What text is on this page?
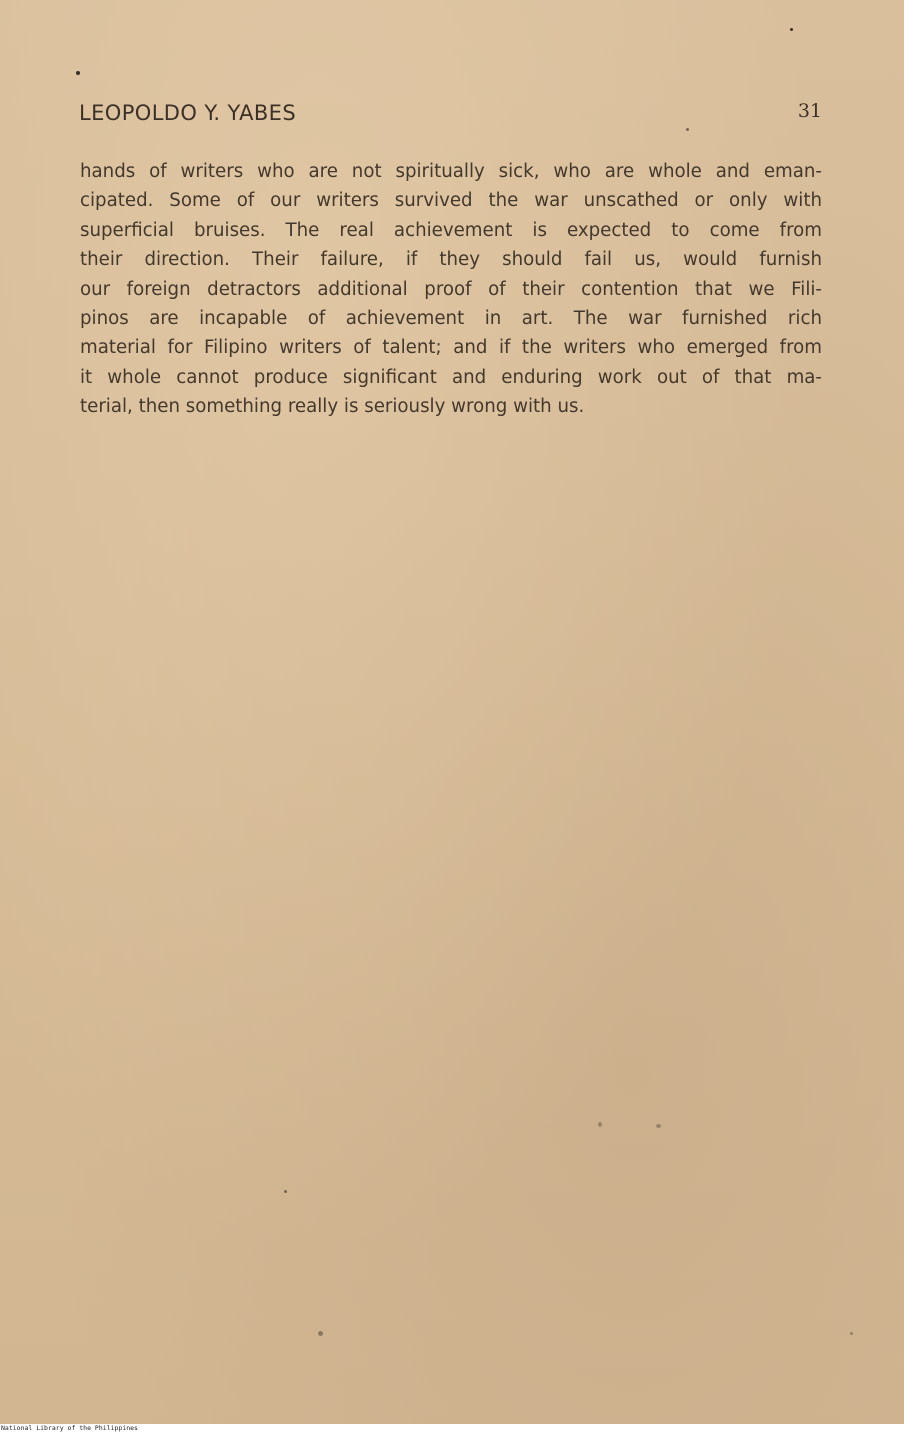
LEOPOLDO Y. YABES	31
hands of writers who are not spiritually sick, who are whole and eman-
cipated. Some of our writers survived the war unscathed or only with
superficial bruises. The real achievement is expected to come from
their direction. Their failure, if they should fail us, would furnish
our foreign detractors additional proof of their contention that we Fili-
pinos are incapable of achievement in art. The war furnished rich
material for Filipino writers of talent; and if the writers who emerged from
it whole cannot produce significant and enduring work out of that ma-
terial, then something really is seriously wrong with us.
National Library of the Philippines
